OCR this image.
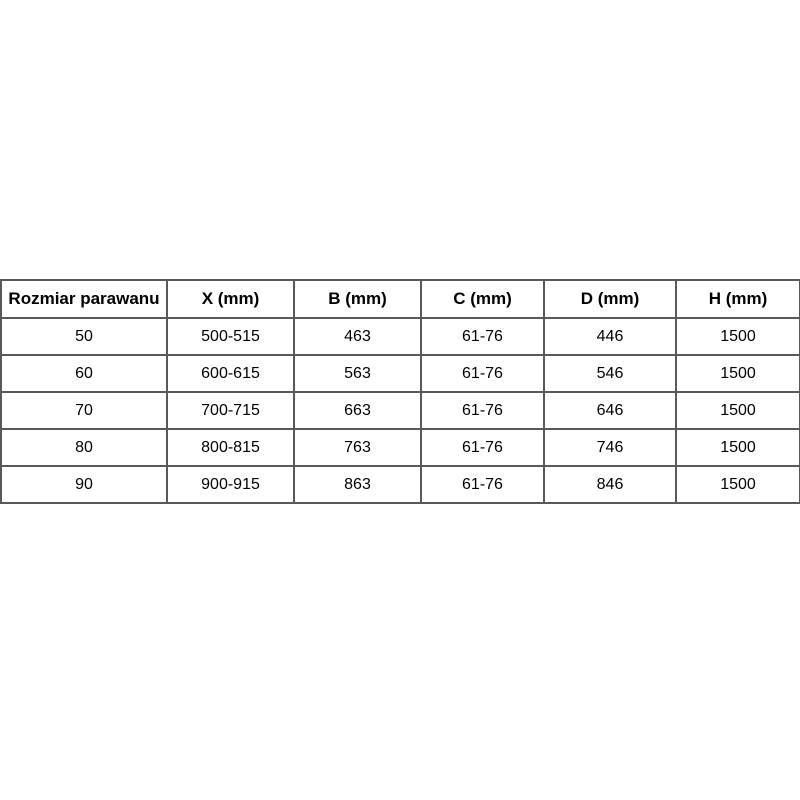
Rozmiar parawanu	X (mm)	B (mm)	C (mm)	D (mm)	H (mm)
50	500-515	463	61-76	446	1500
60	600-615	563	61-76	546	1500
70	700-715	663	61-76	646	1500
80	800-815	763	61-76	746	1500
90	900-915	863	61-76	846	1500
